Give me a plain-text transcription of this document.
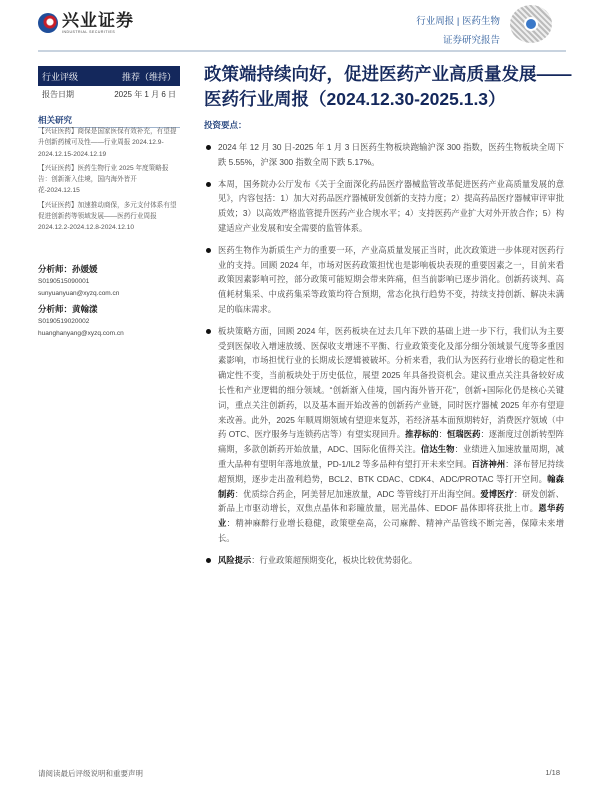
兴业证券
INDUSTRIAL SECURITIES
行业周报 | 医药生物
证券研究报告
行业评级	推荐（维持）
报告日期	2025 年 1 月 6 日
政策端持续向好，促进医药产业高质量发展——医药行业周报（2024.12.30-2025.1.3）
相关研究

【兴证医药】商保是国家医保有效补充，有望提升创新药械可及性——行业周报 2024.12.9-2024.12.15-2024.12.19

【兴证医药】医药生物行业 2025 年度策略报告：创新渐入佳境，国内海外皆开花-2024.12.15

【兴证医药】加速推动商保，多元支付体系有望促进创新药等领域发展——医药行业周报 2024.12.2-2024.12.8-2024.12.10

分析师：孙媛媛
S0190515090001
sunyuanyuan@xyzq.com.cn
分析师：黄翰漾
S0190519020002
huanghanyang@xyzq.com.cn
投资要点：

2024 年 12 月 30 日-2025 年 1 月 3 日医药生物板块跑输沪深 300 指数，医药生物板块全周下跌 5.55%，沪深 300 指数全周下跌 5.17%。

本周，国务院办公厅发布《关于全面深化药品医疗器械监管改革促进医药产业高质量发展的意见》，内容包括：1）加大对药品医疗器械研发创新的支持力度；2）提高药品医疗器械审评审批质效；3）以高效严格监管提升医药产业合规水平；4）支持医药产业扩大对外开放合作；5）构建适应产业发展和安全需要的监管体系。

医药生物作为新质生产力的重要一环，产业高质量发展正当时，此次政策进一步体现对医药行业的支持。回顾 2024 年，市场对医药政策担忧也是影响板块表现的重要因素之一，目前来看政策因素影响可控，部分政策可能短期会带来阵痛，但当前影响已逐步消化。创新药谈判、高值耗材集采、中成药集采等政策均符合预期，常态化执行趋势不变，持续支持创新、解决未满足的临床需求。

板块策略方面，回顾 2024 年，医药板块在过去几年下跌的基础上进一步下行，我们认为主要受到医保收入增速放缓、医保收支增速不平衡、行业政策变化及部分细分领域景气度等多重因素影响，市场担忧行业的长期成长逻辑被破坏。分析来看，我们认为医药行业增长的稳定性和确定性不变，当前板块处于历史低位，展望 2025 年具备投资机会。建议重点关注具备较好成长性和产业逻辑的细分领域。“创新渐入佳境，国内海外皆开花”，创新+国际化仍是核心关键词，重点关注创新药，以及基本面开始改善的创新药产业链，同时医疗器械 2025 年亦有望迎来改善。此外，2025 年顺周期领域有望迎来复苏，若经济基本面预期转好，消费医疗领域（中药 OTC、医疗服务与连锁药店等）有望实现回升。推荐标的：恒瑞医药：逐渐度过创新转型阵痛期，多款创新药开始放量，ADC、国际化值得关注。信达生物：业绩进入加速放量周期，减重大品种有望明年落地放量，PD-1/IL2 等多品种有望打开未来空间。百济神州：泽布替尼持续超预期，逐步走出盈利趋势，BCL2、BTK CDAC、CDK4、ADC/PROTAC 等打开空间。翰森制药：优质综合药企，阿美替尼加速放量，ADC 等管线打开出海空间。爱博医疗：研发创新、新品上市驱动增长，双焦点晶体和彩瞳放量，屈光晶体、EDOF 晶体即将获批上市。恩华药业：精神麻醉行业增长稳健，政策壁垒高，公司麻醉、精神产品管线不断完善，保障未来增长。

风险提示：行业政策超预期变化，板块比较优势弱化。

请阅读最后评级说明和重要声明	1/18
